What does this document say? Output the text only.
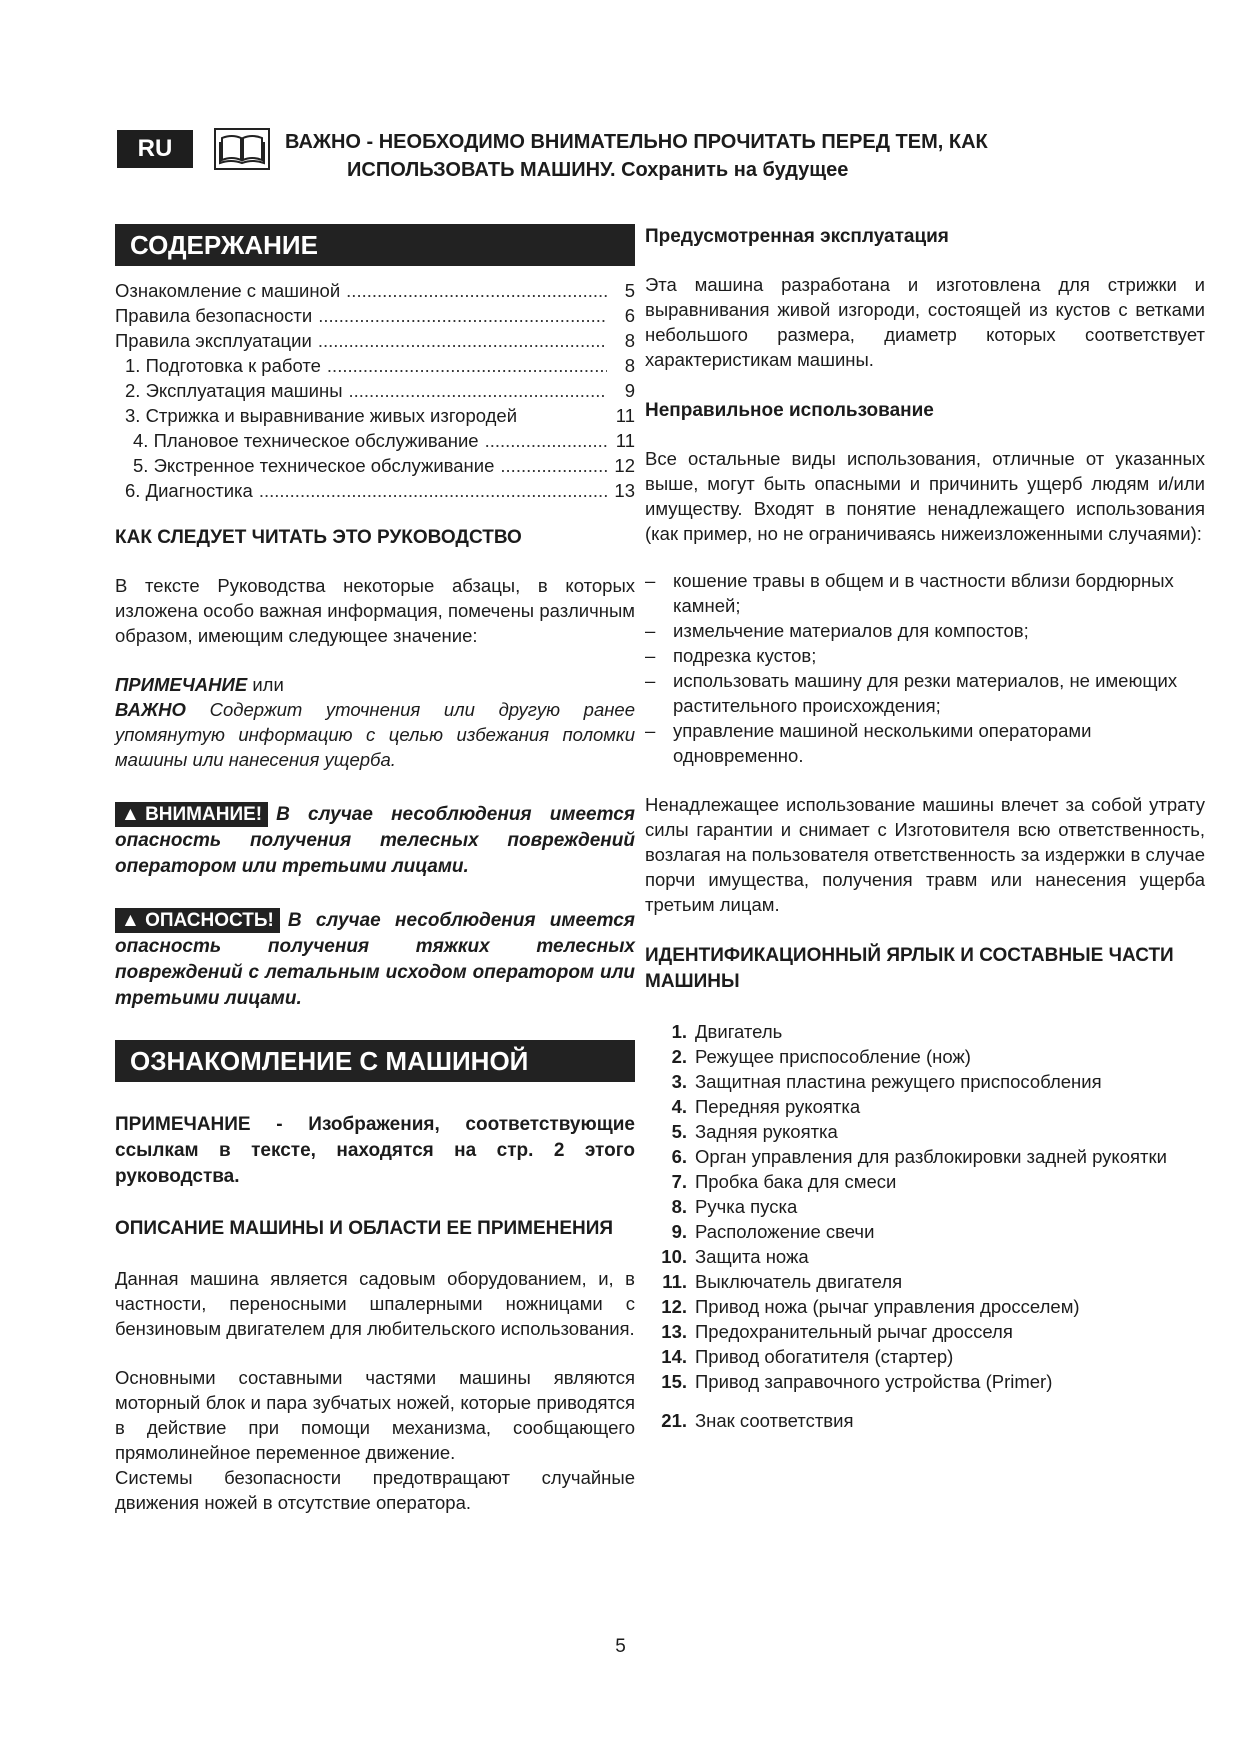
RU	ВАЖНО - НЕОБХОДИМО ВНИМАТЕЛЬНО ПРОЧИТАТЬ ПЕРЕД ТЕМ, КАК
ИСПОЛЬЗОВАТЬ МАШИНУ. Сохранить на будущее
СОДЕРЖАНИЕ
Ознакомление с машиной .....	5
Правила безопасности .....	6
Правила эксплуатации .....	8
1. Подготовка к работе .....	8
2. Эксплуатация машины .....	9
3. Стрижка и выравнивание живых изгородей	11
4. Плановое техническое обслуживание .....	11
5. Экстренное техническое обслуживание .....	12
6. Диагностика .....	13
КАК СЛЕДУЕТ ЧИТАТЬ ЭТО РУКОВОДСТВО
В тексте Руководства некоторые абзацы, в которых изложена особо важная информация, помечены различным образом, имеющим следующее значение:
ПРИМЕЧАНИЕ или
ВАЖНО Содержит уточнения или другую ранее упомянутую информацию с целью избежания поломки машины или нанесения ущерба.
▲ ВНИМАНИЕ! В случае несоблюдения имеется опасность получения телесных повреждений оператором или третьими лицами.
▲ ОПАСНОСТЬ! В случае несоблюдения имеется опасность получения тяжких телесных повреждений с летальным исходом оператором или третьими лицами.
ОЗНАКОМЛЕНИЕ С МАШИНОЙ
ПРИМЕЧАНИЕ - Изображения, соответствующие ссылкам в тексте, находятся на стр. 2 этого руководства.
ОПИСАНИЕ МАШИНЫ И ОБЛАСТИ ЕЕ ПРИМЕНЕНИЯ
Данная машина является садовым оборудованием, и, в частности, переносными шпалерными ножницами с бензиновым двигателем для любительского использования.
Основными составными частями машины являются моторный блок и пара зубчатых ножей, которые приводятся в действие при помощи механизма, сообщающего прямолинейное переменное движение.
Системы безопасности предотвращают случайные движения ножей в отсутствие оператора.
Предусмотренная эксплуатация
Эта машина разработана и изготовлена для стрижки и выравнивания живой изгороди, состоящей из кустов с ветками небольшого размера, диаметр которых соответствует характеристикам машины.
Неправильное использование
Все остальные виды использования, отличные от указанных выше, могут быть опасными и причинить ущерб людям и/или имуществу. Входят в понятие ненадлежащего использования (как пример, но не ограничиваясь нижеизложенными случаями):
– кошение травы в общем и в частности вблизи бордюрных камней;
– измельчение материалов для компостов;
– подрезка кустов;
– использовать машину для резки материалов, не имеющих растительного происхождения;
– управление машиной несколькими операторами одновременно.
Ненадлежащее использование машины влечет за собой утрату силы гарантии и снимает с Изготовителя всю ответственность, возлагая на пользователя ответственность за издержки в случае порчи имущества, получения травм или нанесения ущерба третьим лицам.
ИДЕНТИФИКАЦИОННЫЙ ЯРЛЫК И СОСТАВНЫЕ ЧАСТИ МАШИНЫ
1. Двигатель
2. Режущее приспособление (нож)
3. Защитная пластина режущего приспособления
4. Передняя рукоятка
5. Задняя рукоятка
6. Орган управления для разблокировки задней рукоятки
7. Пробка бака для смеси
8. Ручка пуска
9. Расположение свечи
10. Защита ножа
11. Выключатель двигателя
12. Привод ножа (рычаг управления дросселем)
13. Предохранительный рычаг дросселя
14. Привод обогатителя (стартер)
15. Привод заправочного устройства (Primer)
21. Знак соответствия
5
